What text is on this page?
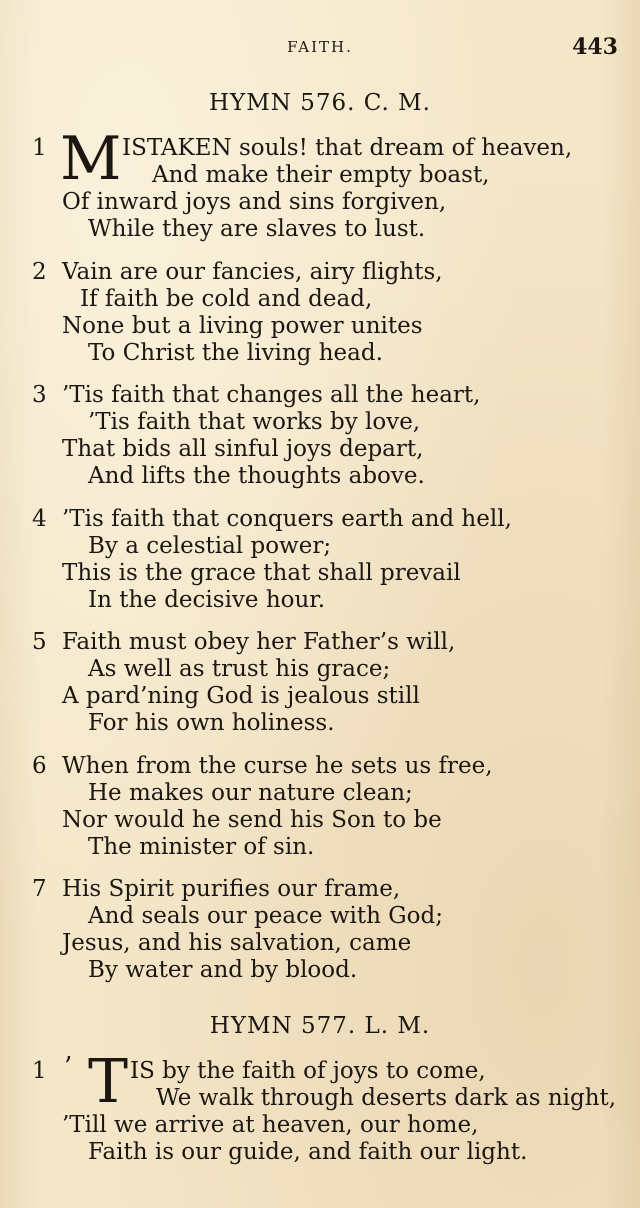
FAITH.	443
HYMN 576. C. M.
1 M ISTAKEN souls! that dream of heaven,
And make their empty boast,
Of inward joys and sins forgiven,
While they are slaves to lust.
2 Vain are our fancies, airy flights,
If faith be cold and dead,
None but a living power unites
To Christ the living head.
3 ’Tis faith that changes all the heart,
’Tis faith that works by love,
That bids all sinful joys depart,
And lifts the thoughts above.
4 ’Tis faith that conquers earth and hell,
By a celestial power;
This is the grace that shall prevail
In the decisive hour.
5 Faith must obey her Father’s will,
As well as trust his grace;
A pard’ning God is jealous still
For his own holiness.
6 When from the curse he sets us free,
He makes our nature clean;
Nor would he send his Son to be
The minister of sin.
7 His Spirit purifies our frame,
And seals our peace with God;
Jesus, and his salvation, came
By water and by blood.
HYMN 577. L. M.
1 ’ T IS by the faith of joys to come,
We walk through deserts dark as night,
’Till we arrive at heaven, our home,
Faith is our guide, and faith our light.
